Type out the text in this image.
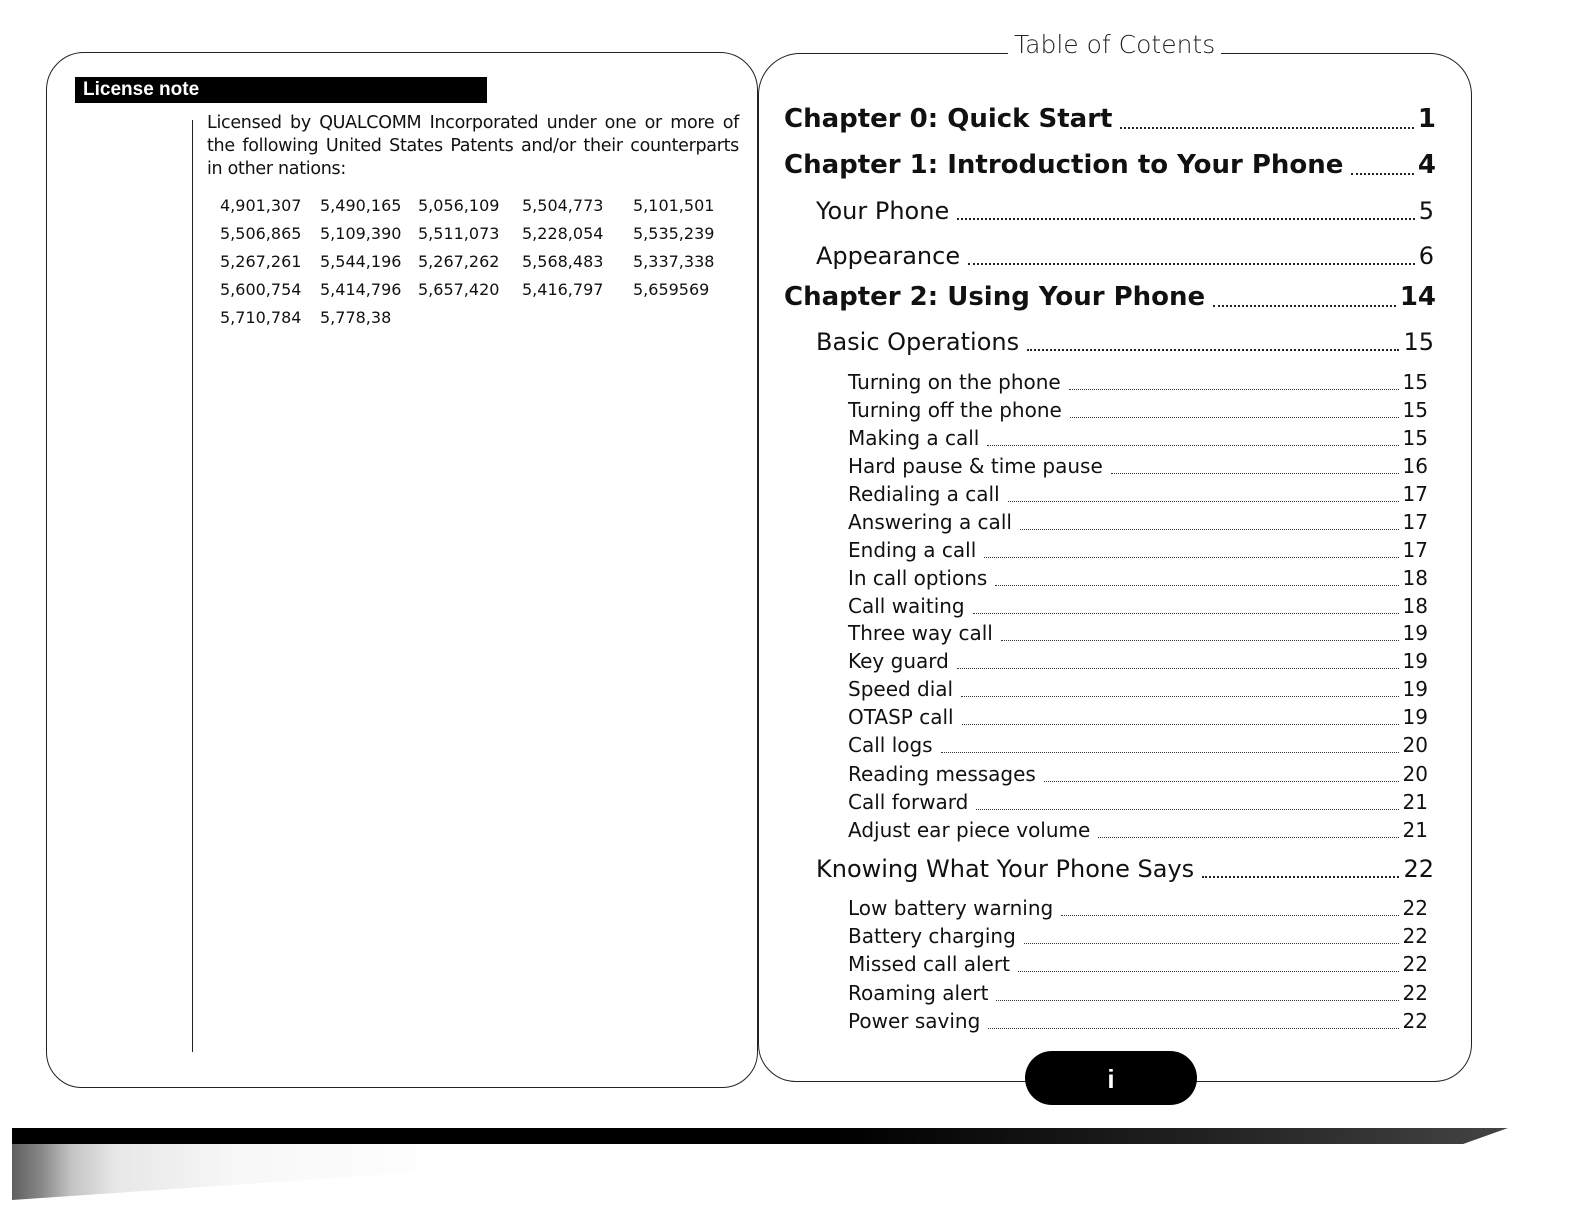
License note
Licensed by QUALCOMM Incorporated under one or more of the following United States Patents and/or their counterparts in other nations:
4,901,307 5,490,165 5,056,109 5,504,773 5,101,501
5,506,865 5,109,390 5,511,073 5,228,054 5,535,239
5,267,261 5,544,196 5,267,262 5,568,483 5,337,338
5,600,754 5,414,796 5,657,420 5,416,797 5,659569
5,710,784 5,778,38
Table of Cotents
Chapter 0: Quick Start	1
Chapter 1: Introduction to Your Phone	4
Your Phone	5
Appearance	6
Chapter 2: Using Your Phone	14
Basic Operations	15
Turning on the phone	15
Turning off the phone	15
Making a call	15
Hard pause & time pause	16
Redialing a call	17
Answering a call	17
Ending a call	17
In call options	18
Call waiting	18
Three way call	19
Key guard	19
Speed dial	19
OTASP call	19
Call logs	20
Reading messages	20
Call forward	21
Adjust ear piece volume	21
Knowing What Your Phone Says	22
Low battery warning	22
Battery charging	22
Missed call alert	22
Roaming alert	22
Power saving	22
i
